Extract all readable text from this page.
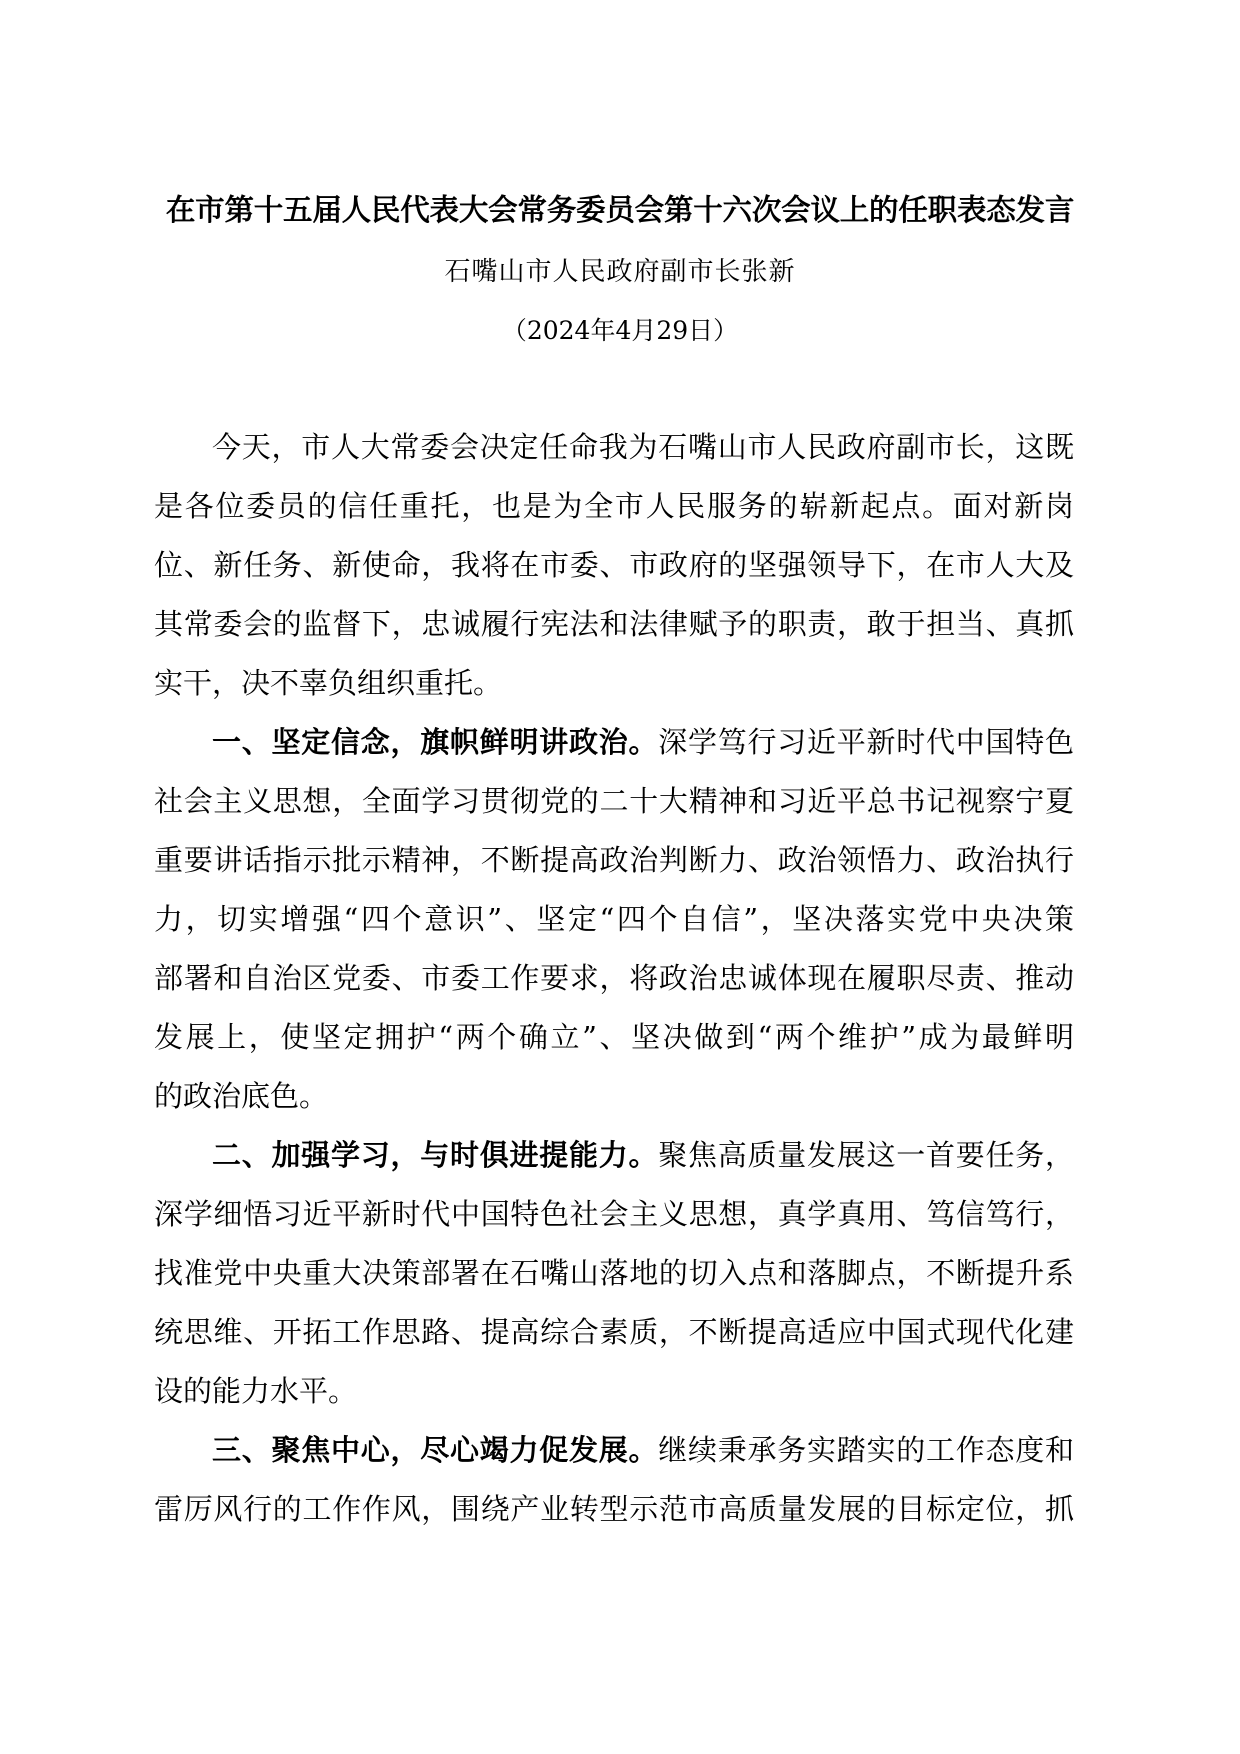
在市第十五届人民代表大会常务委员会第十六次会议上的任职表态发言
石嘴山市人民政府副市长张新
（2024年4月29日）
今天，市人大常委会决定任命我为石嘴山市人民政府副市长，这既
是各位委员的信任重托，也是为全市人民服务的崭新起点。面对新岗
位、新任务、新使命，我将在市委、市政府的坚强领导下，在市人大及
其常委会的监督下，忠诚履行宪法和法律赋予的职责，敢于担当、真抓
实干，决不辜负组织重托。
一、坚定信念，旗帜鲜明讲政治。深学笃行习近平新时代中国特色
社会主义思想，全面学习贯彻党的二十大精神和习近平总书记视察宁夏
重要讲话指示批示精神，不断提高政治判断力、政治领悟力、政治执行
力，切实增强“四个意识”、坚定“四个自信”，坚决落实党中央决策
部署和自治区党委、市委工作要求，将政治忠诚体现在履职尽责、推动
发展上，使坚定拥护“两个确立”、坚决做到“两个维护”成为最鲜明
的政治底色。
二、加强学习，与时俱进提能力。聚焦高质量发展这一首要任务，
深学细悟习近平新时代中国特色社会主义思想，真学真用、笃信笃行，
找准党中央重大决策部署在石嘴山落地的切入点和落脚点，不断提升系
统思维、开拓工作思路、提高综合素质，不断提高适应中国式现代化建
设的能力水平。
三、聚焦中心，尽心竭力促发展。继续秉承务实踏实的工作态度和
雷厉风行的工作作风，围绕产业转型示范市高质量发展的目标定位，抓
